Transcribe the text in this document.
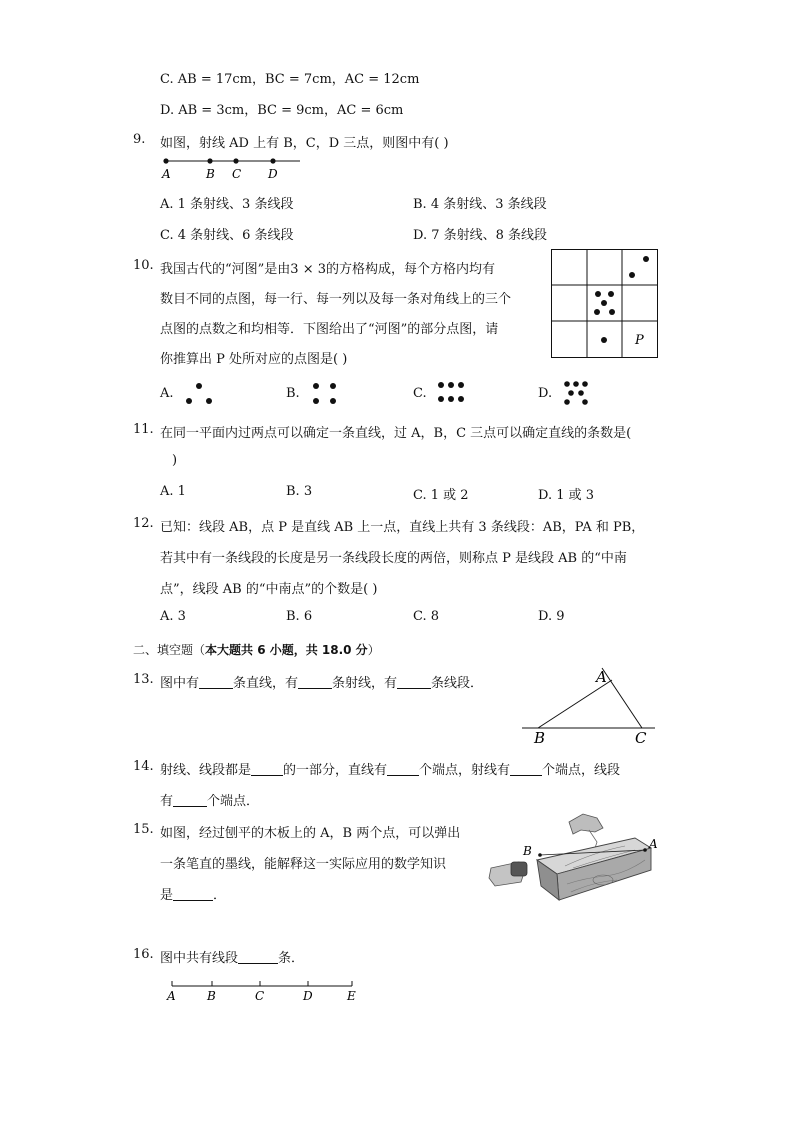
C. AB = 17cm，BC = 7cm，AC = 12cm
D. AB = 3cm，BC = 9cm，AC = 6cm
9. 如图，射线 AD 上有 B，C，D 三点，则图中有( )
A	B C D
A. 1 条射线、3 条线段	B. 4 条射线、3 条线段
C. 4 条射线、6 条线段	D. 7 条射线、8 条线段
10. 我国古代的“河图”是由3 × 3的方格构成，每个方格内均有
数目不同的点图，每一行、每一列以及每一条对角线上的三个
点图的点数之和均相等．下图给出了“河图”的部分点图，请
你推算出 P 处所对应的点图是( )
P
A.	B.	C.	D.
11. 在同一平面内过两点可以确定一条直线，过 A，B，C 三点可以确定直线的条数是(
)
A. 1	B. 3	C. 1 或 2	D. 1 或 3
12. 已知：线段 AB，点 P 是直线 AB 上一点，直线上共有 3 条线段：AB，PA 和 PB，
若其中有一条线段的长度是另一条线段长度的两倍，则称点 P 是线段 AB 的“中南
点”，线段 AB 的“中南点”的个数是( )
A. 3	B. 6	C. 8	D. 9
二、填空题（本大题共 6 小题，共 18.0 分）
13. 图中有	条直线，有	条射线，有	条线段．	A
B	C
14. 射线、线段都是 的一部分，直线有 个端点，射线有 个端点，线段
有	个端点．
15. 如图，经过刨平的木板上的 A，B 两个点，可以弹出
一条笔直的墨线，能解释这一实际应用的数学知识
是	．
B	A
16. 图中共有线段	条．
A	B	C	D	E
